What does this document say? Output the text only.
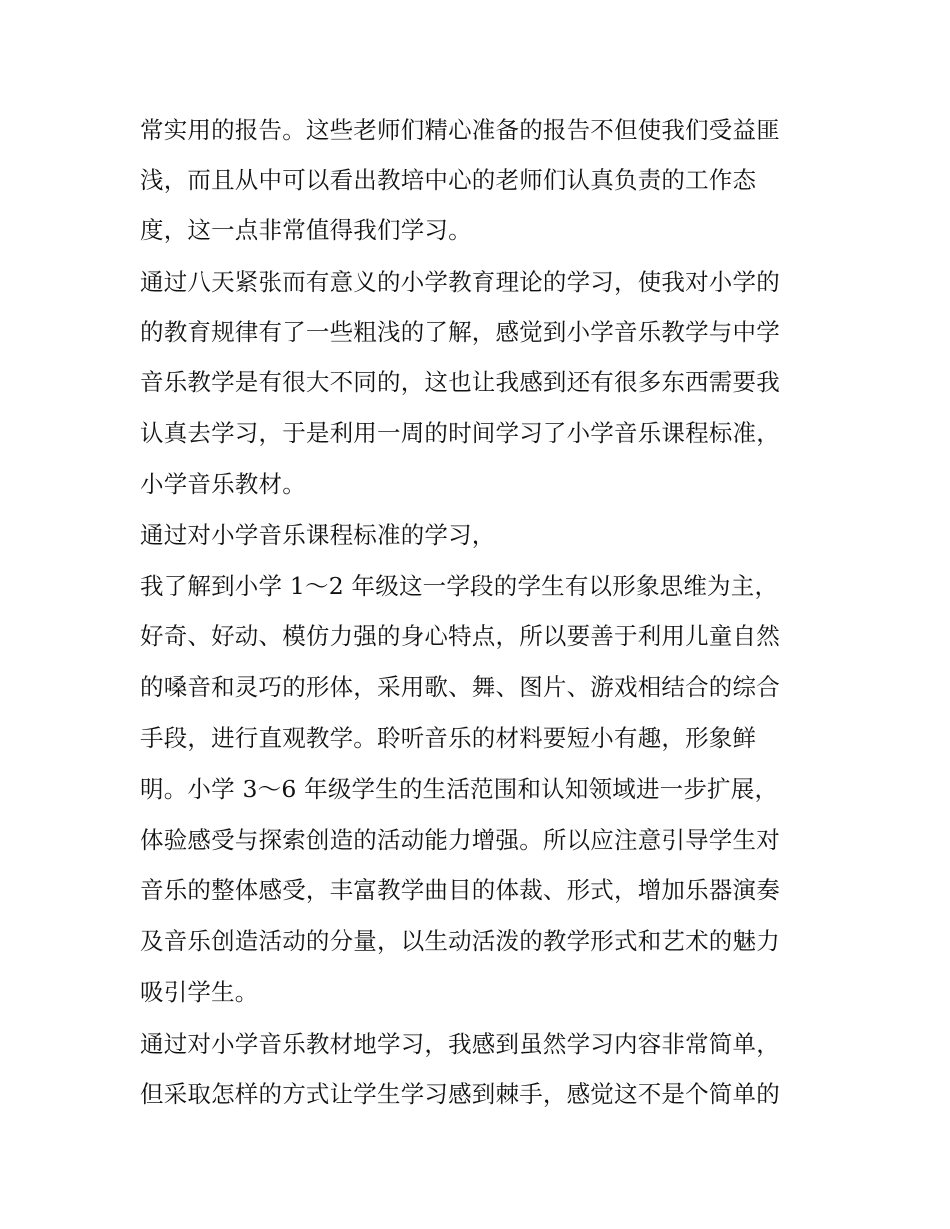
常实用的报告。这些老师们精心准备的报告不但使我们受益匪
浅，而且从中可以看出教培中心的老师们认真负责的工作态
度，这一点非常值得我们学习。
通过八天紧张而有意义的小学教育理论的学习，使我对小学的
的教育规律有了一些粗浅的了解，感觉到小学音乐教学与中学
音乐教学是有很大不同的，这也让我感到还有很多东西需要我
认真去学习，于是利用一周的时间学习了小学音乐课程标准，
小学音乐教材。
通过对小学音乐课程标准的学习，
我了解到小学 1～2 年级这一学段的学生有以形象思维为主，
好奇、好动、模仿力强的身心特点，所以要善于利用儿童自然
的嗓音和灵巧的形体，采用歌、舞、图片、游戏相结合的综合
手段，进行直观教学。聆听音乐的材料要短小有趣，形象鲜
明。小学 3～6 年级学生的生活范围和认知领域进一步扩展，
体验感受与探索创造的活动能力增强。所以应注意引导学生对
音乐的整体感受，丰富教学曲目的体裁、形式，增加乐器演奏
及音乐创造活动的分量，以生动活泼的教学形式和艺术的魅力
吸引学生。
通过对小学音乐教材地学习，我感到虽然学习内容非常简单，
但采取怎样的方式让学生学习感到棘手，感觉这不是个简单的
